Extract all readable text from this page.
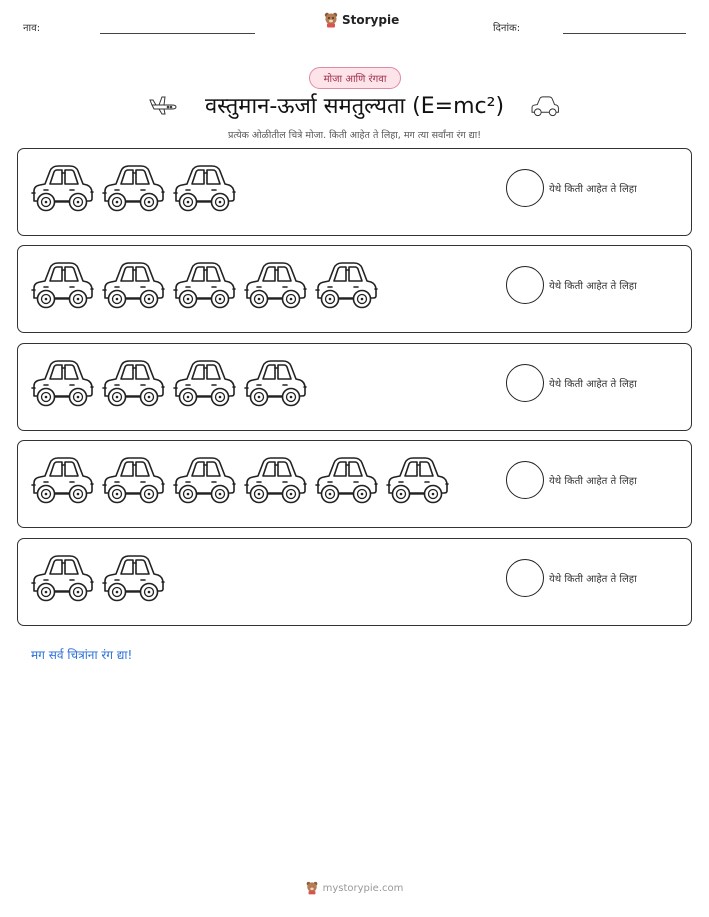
नाव:
Storypie
दिनांक:
मोजा आणि रंगवा
वस्तुमान-ऊर्जा समतुल्यता (E=mc²)
प्रत्येक ओळीतील चित्रे मोजा. किती आहेत ते लिहा, मग त्या सर्वांना रंग द्या!
येथे किती आहेत ते लिहा
येथे किती आहेत ते लिहा
येथे किती आहेत ते लिहा
येथे किती आहेत ते लिहा
येथे किती आहेत ते लिहा
मग सर्व चित्रांना रंग द्या!
mystorypie.com
